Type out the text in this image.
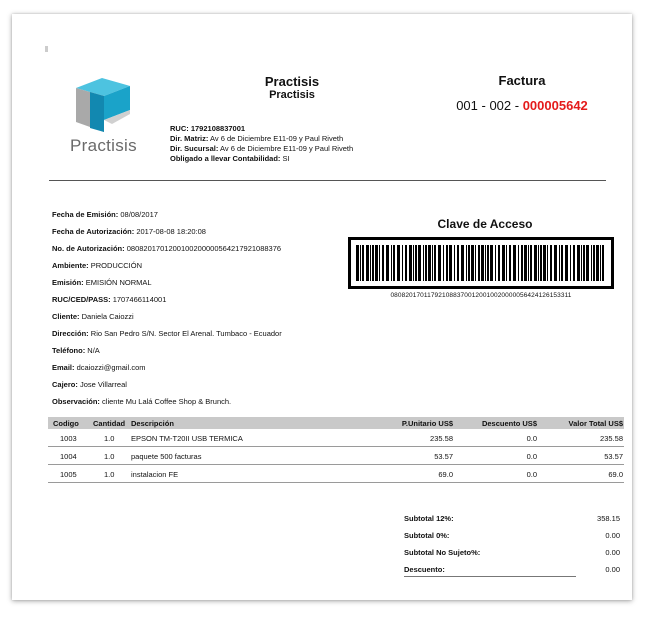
Practisis
Practisis
Practisis
Factura
001 - 002 - 000005642
RUC: 1792108837001
Dir. Matriz: Av 6 de Diciembre E11-09 y Paul Riveth
Dir. Sucursal: Av 6 de Diciembre E11-09 y Paul Riveth
Obligado a llevar Contabilidad: SI
Fecha de Emisión: 08/08/2017
Fecha de Autorización: 2017-08-08 18:20:08
No. de Autorización: 0808201701200100200000564217921088376
Ambiente: PRODUCCIÓN
Emisión: EMISIÓN NORMAL
RUC/CED/PASS: 1707466114001
Cliente: Daniela Caiozzi
Dirección: Rio San Pedro S/N. Sector El Arenal. Tumbaco - Ecuador
Teléfono: N/A
Email: dcaiozzi@gmail.com
Cajero: Jose Villarreal
Observación: cliente Mu Lalá Coffee Shop & Brunch.
Clave de Acceso
0808201701179210883700120010020000056424126153311
Codigo Cantidad Descripción	P.Unitario US$	Descuento US$	Valor Total US$
1003	1.0 EPSON TM-T20II USB TERMICA	235.58	0.0	235.58
1004	1.0 paquete 500 facturas	53.57	0.0	53.57
1005	1.0 instalacion FE	69.0	0.0	69.0
Subtotal 12%:	358.15
Subtotal 0%:	0.00
Subtotal No Sujeto%:	0.00
Descuento:	0.00
